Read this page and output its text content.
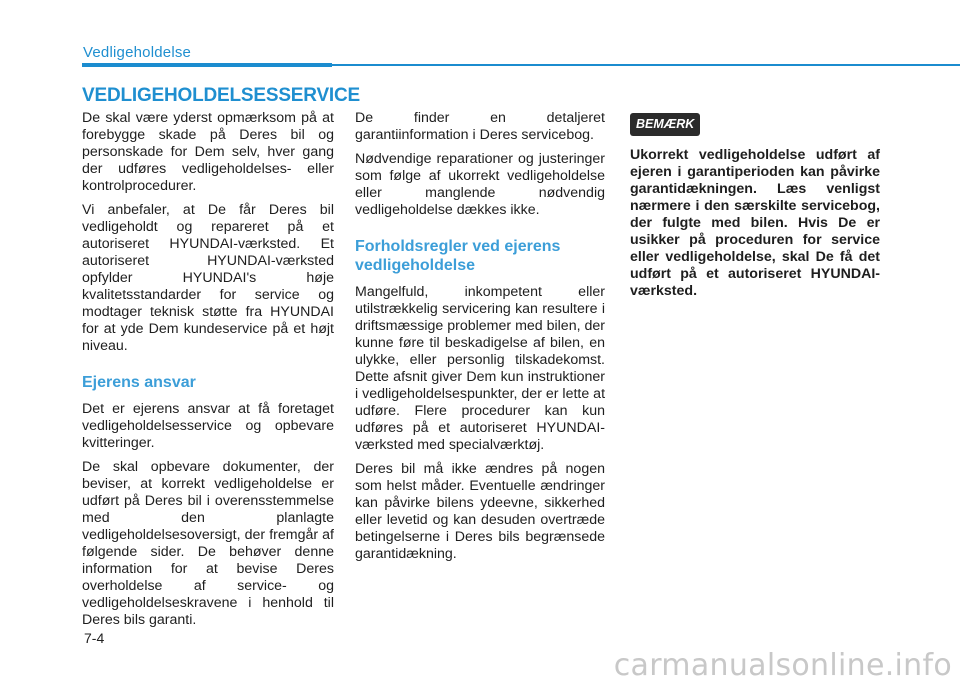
Vedligeholdelse
VEDLIGEHOLDELSESSERVICE

De skal være yderst opmærksom på at forebygge skade på Deres bil og personskade for Dem selv, hver gang der udføres vedligeholdelses- eller kontrolprocedurer.

Vi anbefaler, at De får Deres bil vedligeholdt og repareret på et autoriseret HYUNDAI-værksted. Et autoriseret HYUNDAI-værksted opfylder HYUNDAI's høje kvalitetsstandarder for service og modtager teknisk støtte fra HYUNDAI for at yde Dem kundeservice på et højt niveau.

Ejerens ansvar

Det er ejerens ansvar at få foretaget vedligeholdelsesservice og opbevare kvitteringer.

De skal opbevare dokumenter, der beviser, at korrekt vedligeholdelse er udført på Deres bil i overensstemmelse med den planlagte vedligeholdelsesoversigt, der fremgår af følgende sider. De behøver denne information for at bevise Deres overholdelse af service- og vedligeholdelseskravene i henhold til Deres bils garanti.

De finder en detaljeret garantiinformation i Deres servicebog.

Nødvendige reparationer og justeringer som følge af ukorrekt vedligeholdelse eller manglende nødvendig vedligeholdelse dækkes ikke.

Forholdsregler ved ejerens vedligeholdelse

Mangelfuld, inkompetent eller utilstrækkelig servicering kan resultere i driftsmæssige problemer med bilen, der kunne føre til beskadigelse af bilen, en ulykke, eller personlig tilskadekomst. Dette afsnit giver Dem kun instruktioner i vedligeholdelsespunkter, der er lette at udføre. Flere procedurer kan kun udføres på et autoriseret HYUNDAI-værksted med specialværktøj.

Deres bil må ikke ændres på nogen som helst måder. Eventuelle ændringer kan påvirke bilens ydeevne, sikkerhed eller levetid og kan desuden overtræde betingelserne i Deres bils begrænsede garantidækning.

BEMÆRK

Ukorrekt vedligeholdelse udført af ejeren i garantiperioden kan påvirke garantidækningen. Læs venligst nærmere i den særskilte servicebog, der fulgte med bilen. Hvis De er usikker på proceduren for service eller vedligeholdelse, skal De få det udført på et autoriseret HYUNDAI-værksted.

7-4
carmanualsonline.info
